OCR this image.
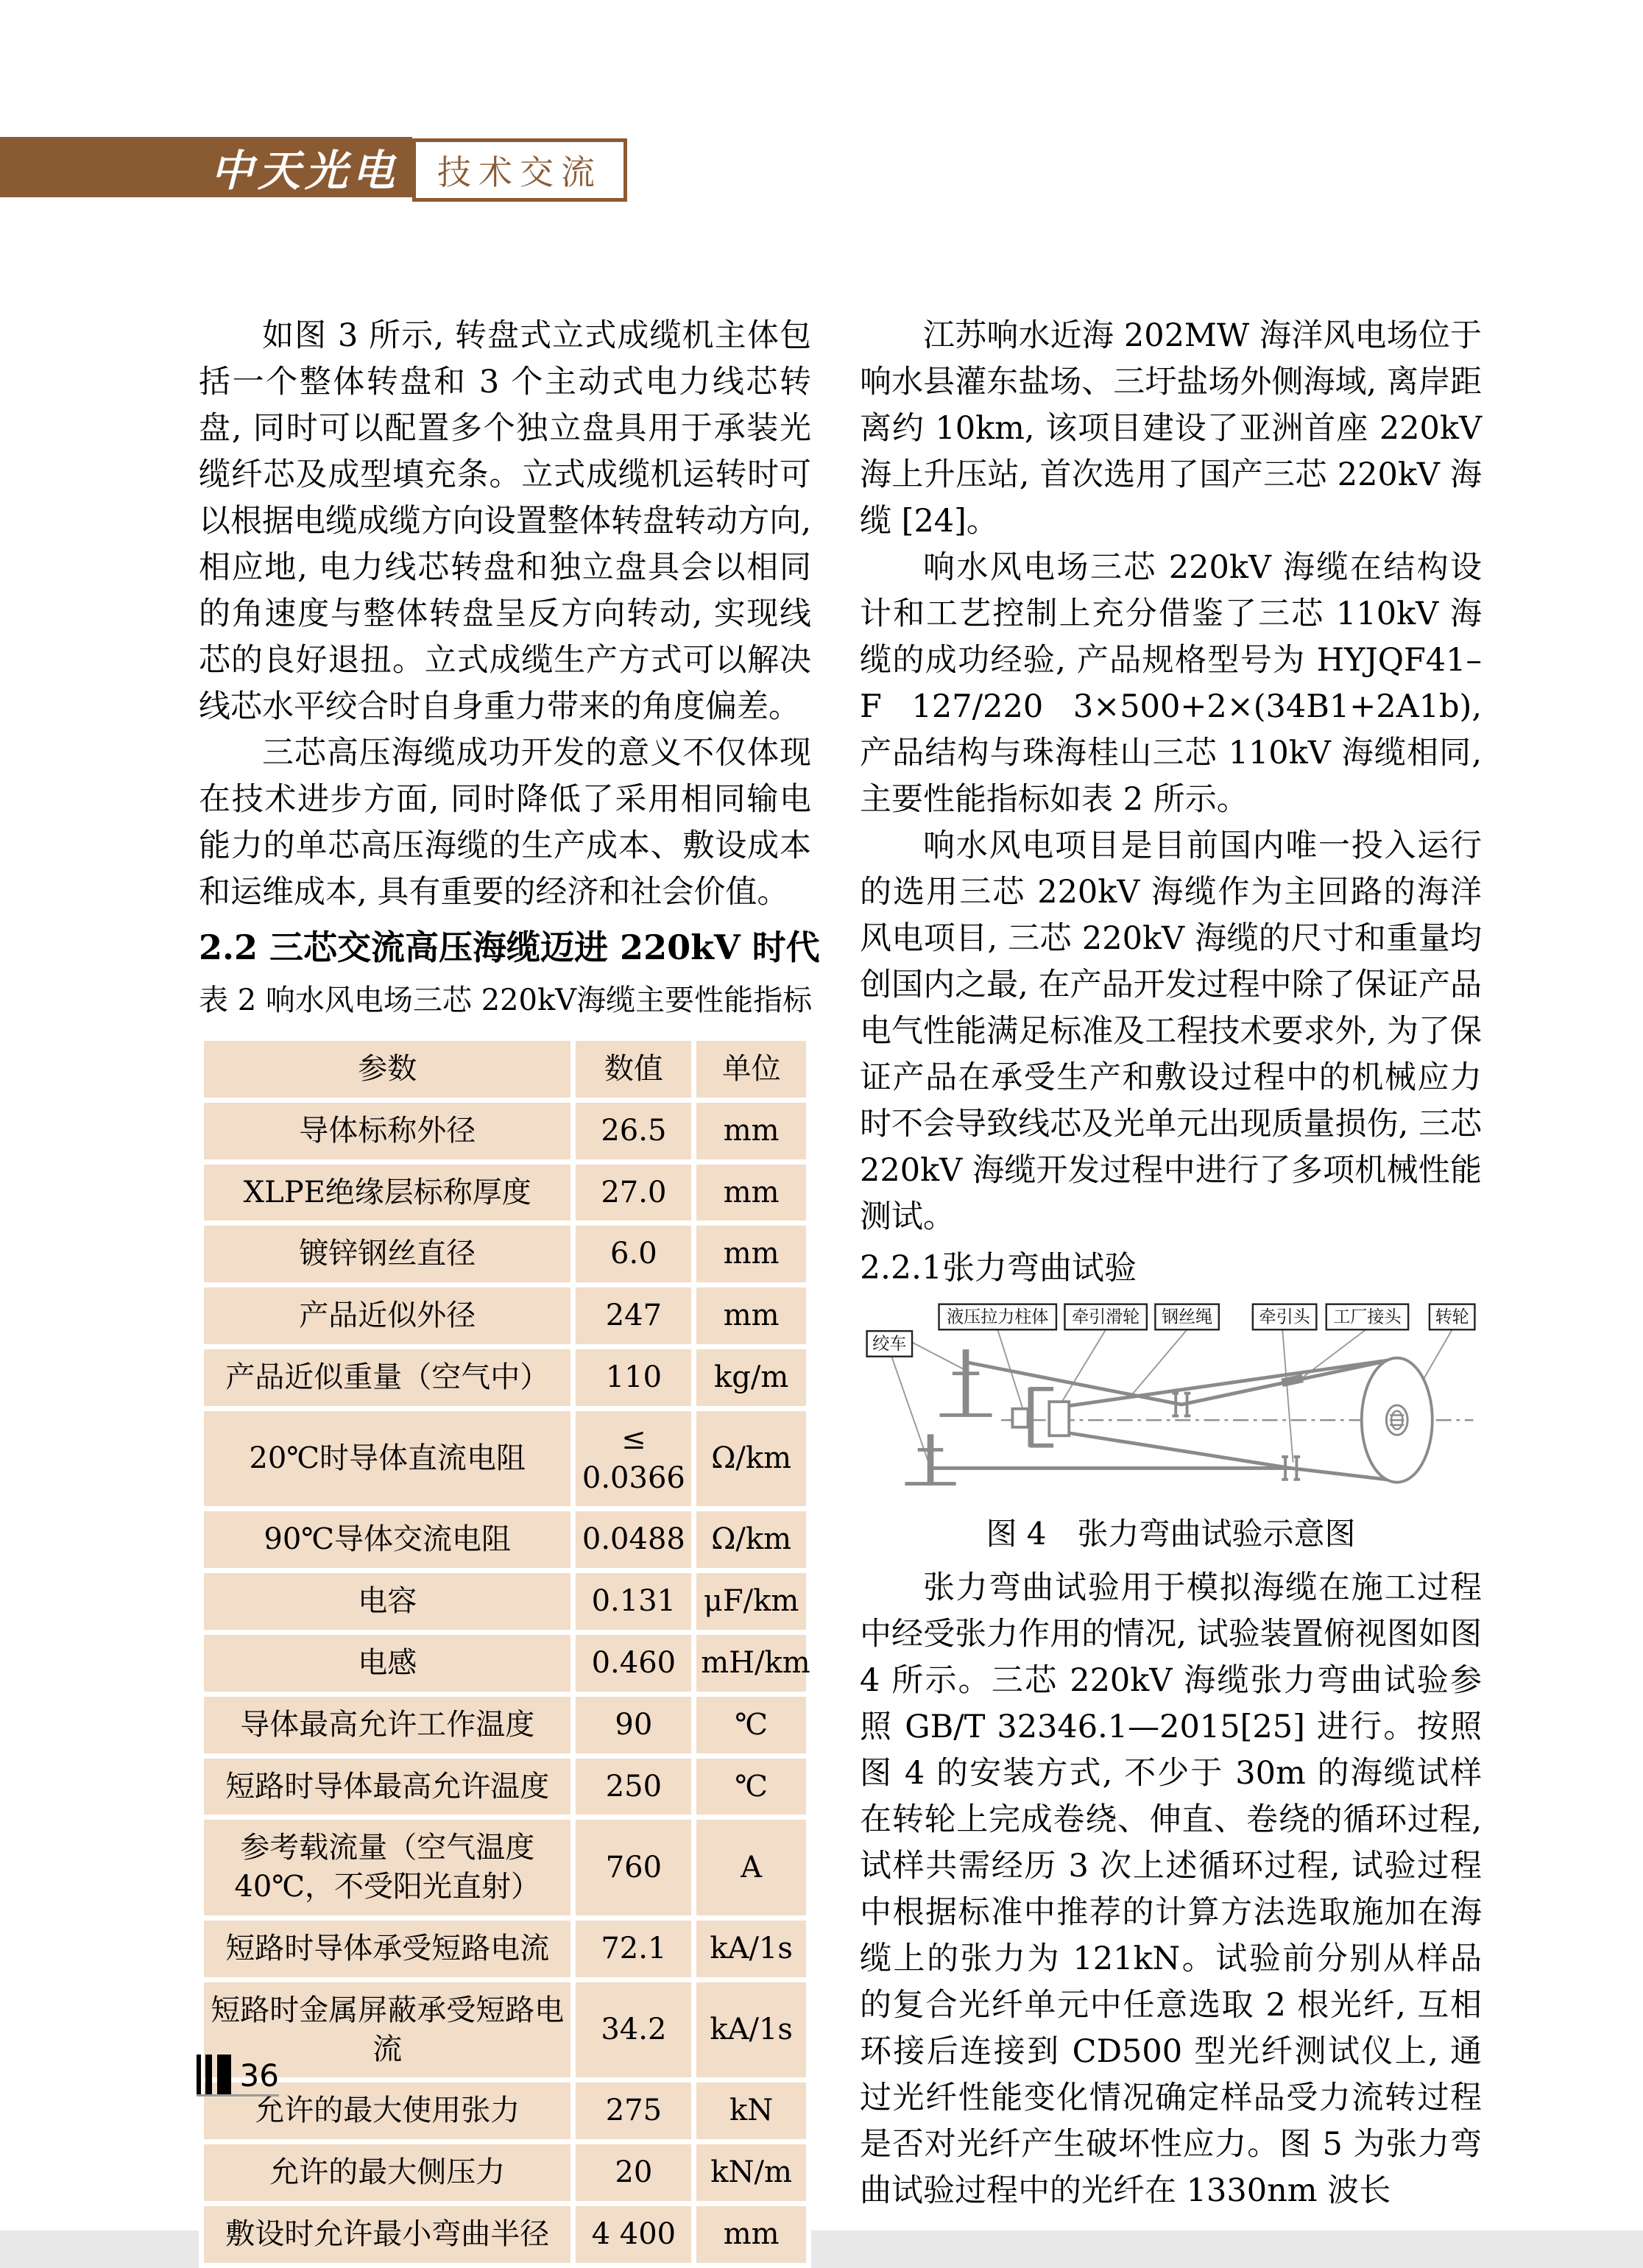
中天光电 技术交流

如图 3 所示, 转盘式立式成缆机主体包括一个整体转盘和 3 个主动式电力线芯转盘, 同时可以配置多个独立盘具用于承装光缆纤芯及成型填充条。立式成缆机运转时可以根据电缆成缆方向设置整体转盘转动方向, 相应地, 电力线芯转盘和独立盘具会以相同的角速度与整体转盘呈反方向转动, 实现线芯的良好退扭。立式成缆生产方式可以解决线芯水平绞合时自身重力带来的角度偏差。

三芯高压海缆成功开发的意义不仅体现在技术进步方面, 同时降低了采用相同输电能力的单芯高压海缆的生产成本、敷设成本和运维成本, 具有重要的经济和社会价值。

2.2 三芯交流高压海缆迈进 220kV 时代
表 2 响水风电场三芯 220kV海缆主要性能指标
参数	数值	单位
导体标称外径	26.5	mm
XLPE绝缘层标称厚度	27.0	mm
镀锌钢丝直径	6.0	mm
产品近似外径	247	mm
产品近似重量（空气中）	110	kg/m
20℃时导体直流电阻	≤ 0.0366	Ω/km
90℃导体交流电阻	0.0488	Ω/km
电容	0.131	μF/km
电感	0.460	mH/km
导体最高允许工作温度	90	℃
短路时导体最高允许温度	250	℃
参考载流量（空气温度 40℃，不受阳光直射）	760	A
短路时导体承受短路电流	72.1	kA/1s
短路时金属屏蔽承受短路电流	34.2	kA/1s
允许的最大使用张力	275	kN
允许的最大侧压力	20	kN/m
敷设时允许最小弯曲半径	4 400	mm

江苏响水近海 202MW 海洋风电场位于响水县灌东盐场、三圩盐场外侧海域, 离岸距离约 10km, 该项目建设了亚洲首座 220kV 海上升压站, 首次选用了国产三芯 220kV 海缆 [24]。

响水风电场三芯 220kV 海缆在结构设计和工艺控制上充分借鉴了三芯 110kV 海缆的成功经验, 产品规格型号为 HYJQF41–F 127/220 3×500+2×(34B1+2A1b), 产品结构与珠海桂山三芯 110kV 海缆相同, 主要性能指标如表 2 所示。

响水风电项目是目前国内唯一投入运行的选用三芯 220kV 海缆作为主回路的海洋风电项目, 三芯 220kV 海缆的尺寸和重量均创国内之最, 在产品开发过程中除了保证产品电气性能满足标准及工程技术要求外, 为了保证产品在承受生产和敷设过程中的机械应力时不会导致线芯及光单元出现质量损伤, 三芯 220kV 海缆开发过程中进行了多项机械性能测试。

2.2.1张力弯曲试验
绞车
液压拉力柱体 牵引滑轮 钢丝绳	牵引头 工厂接头 转轮
图 4　张力弯曲试验示意图

张力弯曲试验用于模拟海缆在施工过程中经受张力作用的情况, 试验装置俯视图如图 4 所示。三芯 220kV 海缆张力弯曲试验参照 GB/T 32346.1—2015[25] 进行。按照图 4 的安装方式, 不少于 30m 的海缆试样在转轮上完成卷绕、伸直、卷绕的循环过程, 试样共需经历 3 次上述循环过程, 试验过程中根据标准中推荐的计算方法选取施加在海缆上的张力为 121kN。试验前分别从样品的复合光纤单元中任意选取 2 根光纤, 互相环接后连接到 CD500 型光纤测试仪上, 通过光纤性能变化情况确定样品受力流转过程是否对光纤产生破坏性应力。图 5 为张力弯曲试验过程中的光纤在 1330nm 波长

36
